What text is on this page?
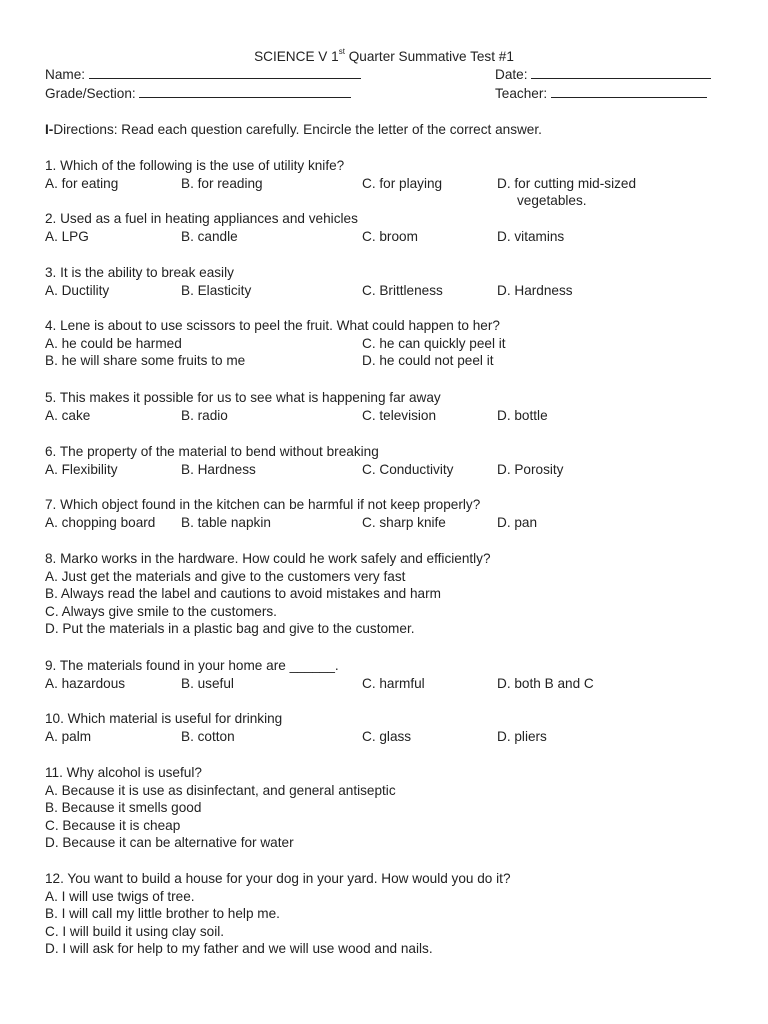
SCIENCE V 1st Quarter Summative Test #1
Name:	Date:
Grade/Section:	Teacher:
I-Directions: Read each question carefully. Encircle the letter of the correct answer.
1. Which of the following is the use of utility knife?
A. for eating	B. for reading	C. for playing	D. for cutting mid-sized
vegetables.
2. Used as a fuel in heating appliances and vehicles
A. LPG	B. candle	C. broom	D. vitamins
3. It is the ability to break easily
A. Ductility	B. Elasticity	C. Brittleness	D. Hardness
4. Lene is about to use scissors to peel the fruit. What could happen to her?
A. he could be harmed	C. he can quickly peel it
B. he will share some fruits to me	D. he could not peel it
5. This makes it possible for us to see what is happening far away
A. cake	B. radio	C. television	D. bottle
6. The property of the material to bend without breaking
A. Flexibility	B. Hardness	C. Conductivity	D. Porosity
7. Which object found in the kitchen can be harmful if not keep properly?
A. chopping board B. table napkin	C. sharp knife	D. pan
8. Marko works in the hardware. How could he work safely and efficiently?
A. Just get the materials and give to the customers very fast
B. Always read the label and cautions to avoid mistakes and harm
C. Always give smile to the customers.
D. Put the materials in a plastic bag and give to the customer.
9. The materials found in your home are ______.
A. hazardous	B. useful	C. harmful	D. both B and C
10. Which material is useful for drinking
A. palm	B. cotton	C. glass	D. pliers
11. Why alcohol is useful?
A. Because it is use as disinfectant, and general antiseptic
B. Because it smells good
C. Because it is cheap
D. Because it can be alternative for water
12. You want to build a house for your dog in your yard. How would you do it?
A. I will use twigs of tree.
B. I will call my little brother to help me.
C. I will build it using clay soil.
D. I will ask for help to my father and we will use wood and nails.
